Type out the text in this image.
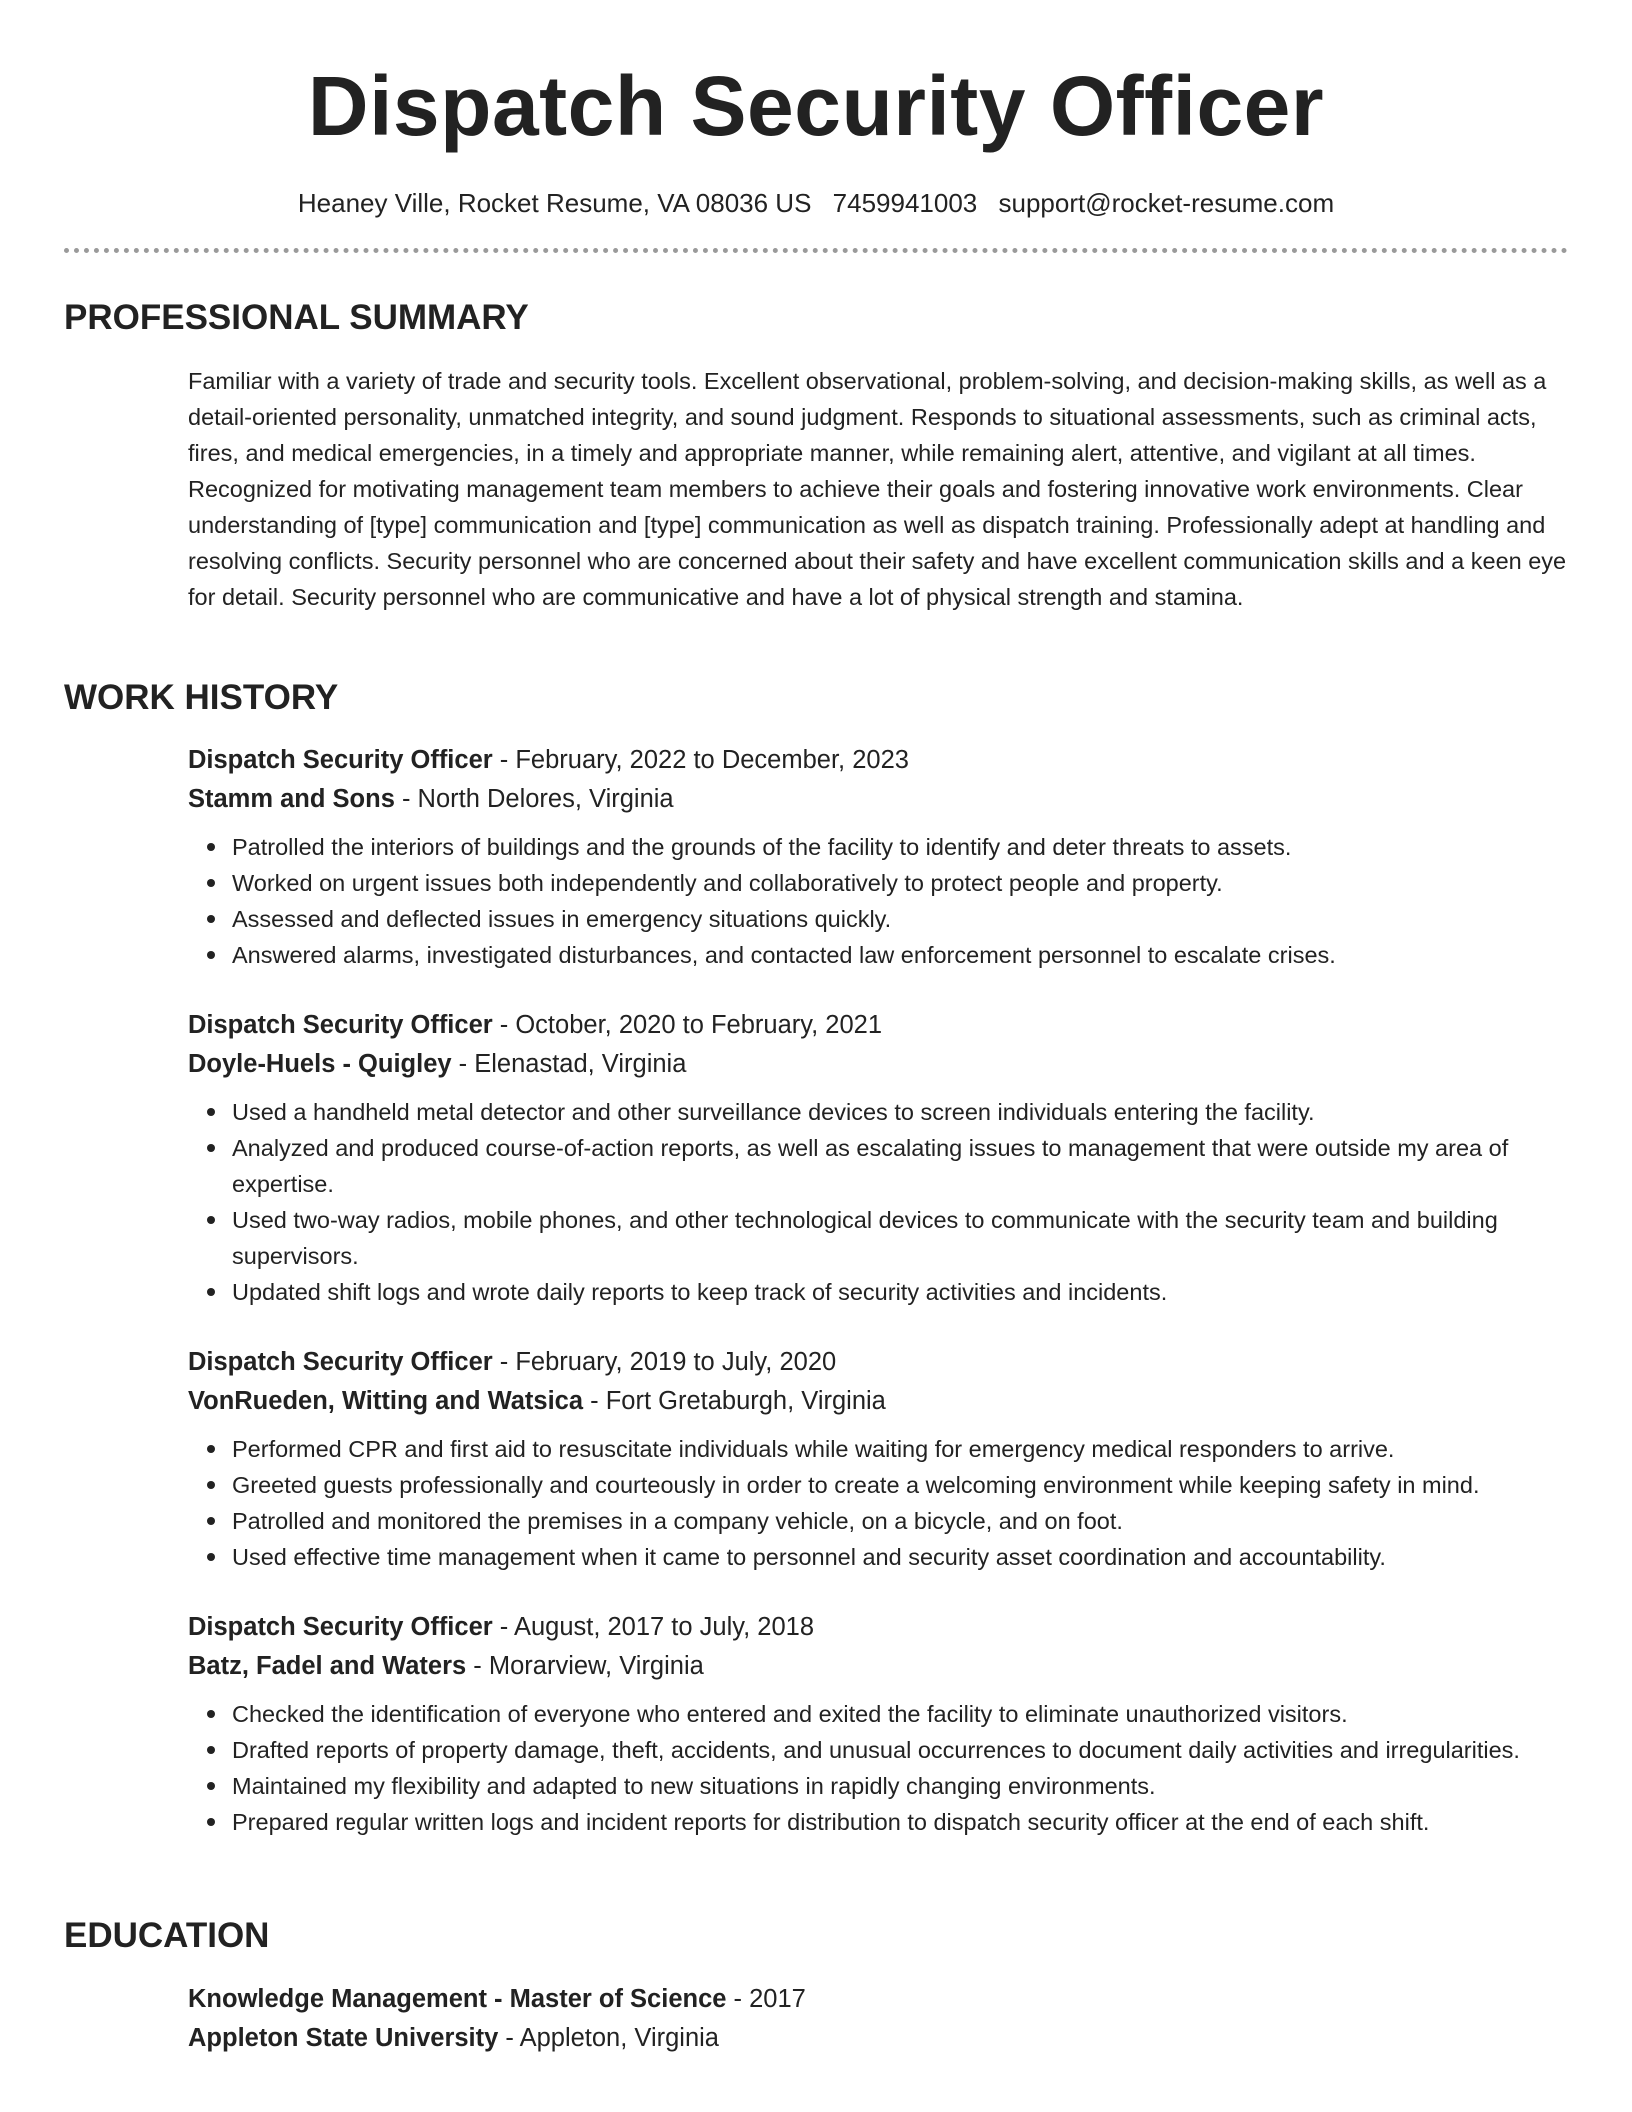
Dispatch Security Officer
Heaney Ville, Rocket Resume, VA 08036 US 7459941003 support@rocket-resume.com
PROFESSIONAL SUMMARY

Familiar with a variety of trade and security tools. Excellent observational, problem-solving, and decision-making skills, as well as a detail-oriented personality, unmatched integrity, and sound judgment. Responds to situational assessments, such as criminal acts, fires, and medical emergencies, in a timely and appropriate manner, while remaining alert, attentive, and vigilant at all times. Recognized for motivating management team members to achieve their goals and fostering innovative work environments. Clear understanding of [type] communication and [type] communication as well as dispatch training. Professionally adept at handling and resolving conflicts. Security personnel who are concerned about their safety and have excellent communication skills and a keen eye for detail. Security personnel who are communicative and have a lot of physical strength and stamina.

WORK HISTORY
Dispatch Security Officer - February, 2022 to December, 2023
Stamm and Sons - North Delores, Virginia
Patrolled the interiors of buildings and the grounds of the facility to identify and deter threats to assets.
Worked on urgent issues both independently and collaboratively to protect people and property.
Assessed and deflected issues in emergency situations quickly.
Answered alarms, investigated disturbances, and contacted law enforcement personnel to escalate crises.
Dispatch Security Officer - October, 2020 to February, 2021
Doyle-Huels - Quigley - Elenastad, Virginia
Used a handheld metal detector and other surveillance devices to screen individuals entering the facility.
Analyzed and produced course-of-action reports, as well as escalating issues to management that were outside my area of expertise.
Used two-way radios, mobile phones, and other technological devices to communicate with the security team and building supervisors.
Updated shift logs and wrote daily reports to keep track of security activities and incidents.
Dispatch Security Officer - February, 2019 to July, 2020
VonRueden, Witting and Watsica - Fort Gretaburgh, Virginia
Performed CPR and first aid to resuscitate individuals while waiting for emergency medical responders to arrive.
Greeted guests professionally and courteously in order to create a welcoming environment while keeping safety in mind.
Patrolled and monitored the premises in a company vehicle, on a bicycle, and on foot.
Used effective time management when it came to personnel and security asset coordination and accountability.
Dispatch Security Officer - August, 2017 to July, 2018
Batz, Fadel and Waters - Morarview, Virginia
Checked the identification of everyone who entered and exited the facility to eliminate unauthorized visitors.
Drafted reports of property damage, theft, accidents, and unusual occurrences to document daily activities and irregularities.
Maintained my flexibility and adapted to new situations in rapidly changing environments.
Prepared regular written logs and incident reports for distribution to dispatch security officer at the end of each shift.
EDUCATION
Knowledge Management - Master of Science - 2017
Appleton State University - Appleton, Virginia
